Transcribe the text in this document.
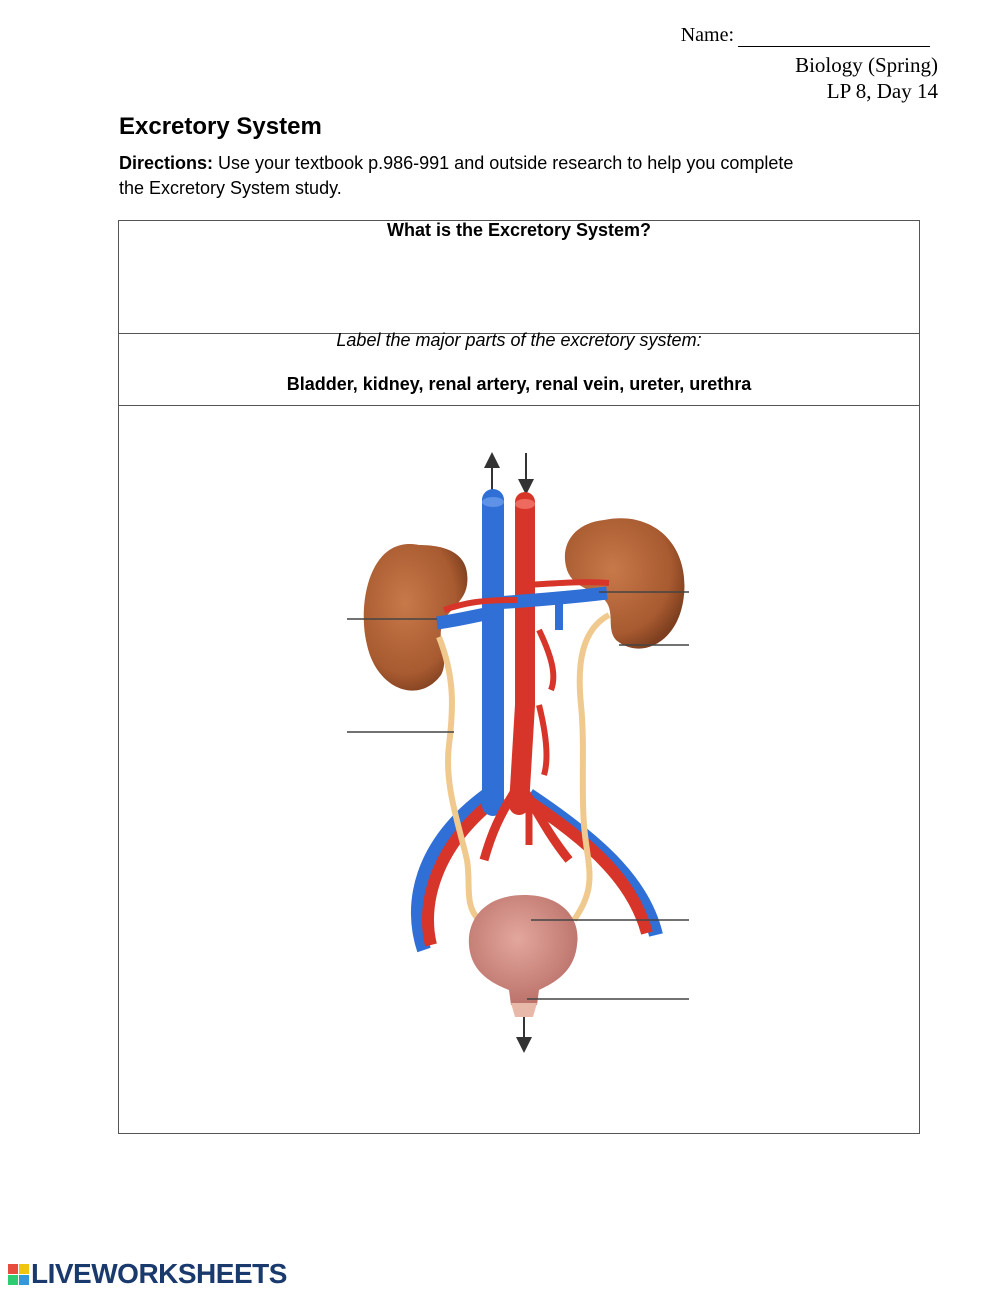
Name:
Biology (Spring)
LP 8, Day 14
Excretory System
Directions: Use your textbook p.986-991 and outside research to help you complete the Excretory System study.
What is the Excretory System?
Label the major parts of the excretory system:
Bladder, kidney, renal artery, renal vein, ureter, urethra
LIVEWORKSHEETS
